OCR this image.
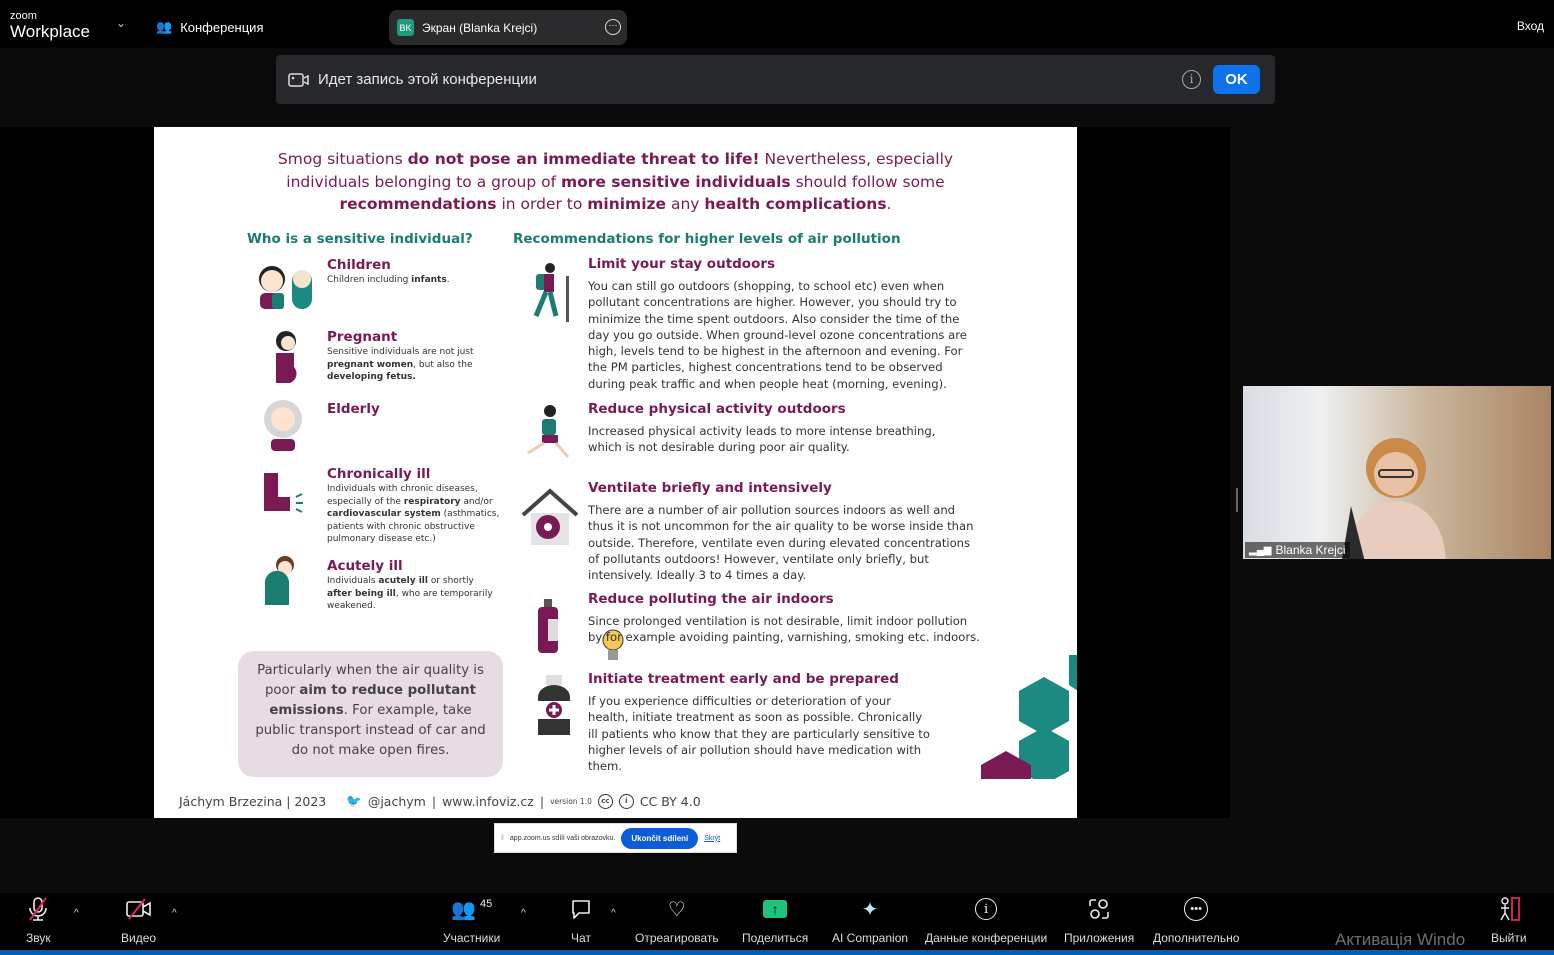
zoom
Workplace ⌄ 👥 Конференция	BK Экран (Blanka Krejci)	···	Вход
Идет запись этой конференции	i	OK
Smog situations do not pose an immediate threat to life! Nevertheless, especially
individuals belonging to a group of more sensitive individuals should follow some
recommendations in order to minimize any health complications.
Who is a sensitive individual?	Recommendations for higher levels of air pollution
Children
Children including infants.
Pregnant
Sensitive individuals are not just pregnant women, but also the developing fetus.
Elderly
Chronically ill
Individuals with chronic diseases, especially of the respiratory and/or cardiovascular system (asthmatics, patients with chronic obstructive pulmonary disease etc.)
Acutely ill
Individuals acutely ill or shortly after being ill, who are temporarily weakened.
Limit your stay outdoors
You can still go outdoors (shopping, to school etc) even when pollutant concentrations are higher. However, you should try to minimize the time spent outdoors. Also consider the time of the day you go outside. When ground-level ozone concentrations are high, levels tend to be highest in the afternoon and evening. For the PM particles, highest concentrations tend to be observed during peak traffic and when people heat (morning, evening).
Reduce physical activity outdoors
Increased physical activity leads to more intense breathing, which is not desirable during poor air quality.
Ventilate briefly and intensively
There are a number of air pollution sources indoors as well and thus it is not uncommon for the air quality to be worse inside than outside. Therefore, ventilate even during elevated concentrations of pollutants outdoors! However, ventilate only briefly, but intensively. Ideally 3 to 4 times a day.
Reduce polluting the air indoors
Since prolonged ventilation is not desirable, limit indoor pollution by for example avoiding painting, varnishing, smoking etc. indoors.
Initiate treatment early and be prepared
If you experience difficulties or deterioration of your health, initiate treatment as soon as possible. Chronically ill patients who know that they are particularly sensitive to higher levels of air pollution should have medication with them.
Particularly when the air quality is poor aim to reduce pollutant emissions. For example, take public transport instead of car and do not make open fires.
Jáchym Brzezina | 2023 🐦 @jachym | www.infoviz.cz | version 1.0	cc	i CC BY 4.0
‖ app.zoom.us sdílí vaši obrazovku.	Ukončit sdílení	Skrýt
▂▄▆ Blanka Krejci
Звук
^
Видео
^	👥 45
Участники
^
Чат
^	♡
Отреагировать
↑
Поделиться
✦
AI Companion
i
Данные конференции Приложения
•••
Дополнительно	Выйти
Активація Windo
